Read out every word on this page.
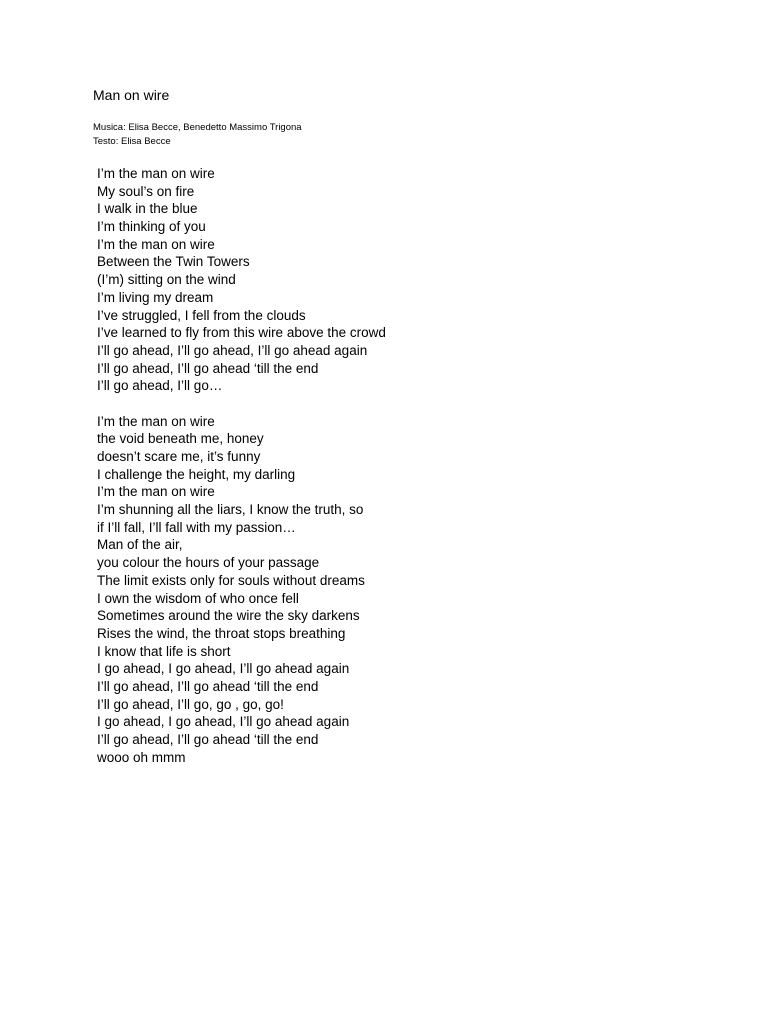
Man on wire
Musica: Elisa Becce, Benedetto Massimo Trigona
Testo: Elisa Becce
I’m the man on wire
My soul’s on fire
I walk in the blue
I’m thinking of you
I’m the man on wire
Between the Twin Towers
(I’m) sitting on the wind
I’m living my dream
I’ve struggled, I fell from the clouds
I’ve learned to fly from this wire above the crowd
I’ll go ahead, I’ll go ahead, I’ll go ahead again
I’ll go ahead, I’ll go ahead ‘till the end
I’ll go ahead, I’ll go…
I’m the man on wire
the void beneath me, honey
doesn’t scare me, it’s funny
I challenge the height, my darling
I’m the man on wire
I’m shunning all the liars, I know the truth, so
if I’ll fall, I’ll fall with my passion…
Man of the air,
you colour the hours of your passage
The limit exists only for souls without dreams
I own the wisdom of who once fell
Sometimes around the wire the sky darkens
Rises the wind, the throat stops breathing
I know that life is short
I go ahead, I go ahead, I’ll go ahead again
I’ll go ahead, I’ll go ahead ‘till the end
I’ll go ahead, I’ll go, go , go, go!
I go ahead, I go ahead, I’ll go ahead again
I’ll go ahead, I’ll go ahead ‘till the end
wooo oh mmm
